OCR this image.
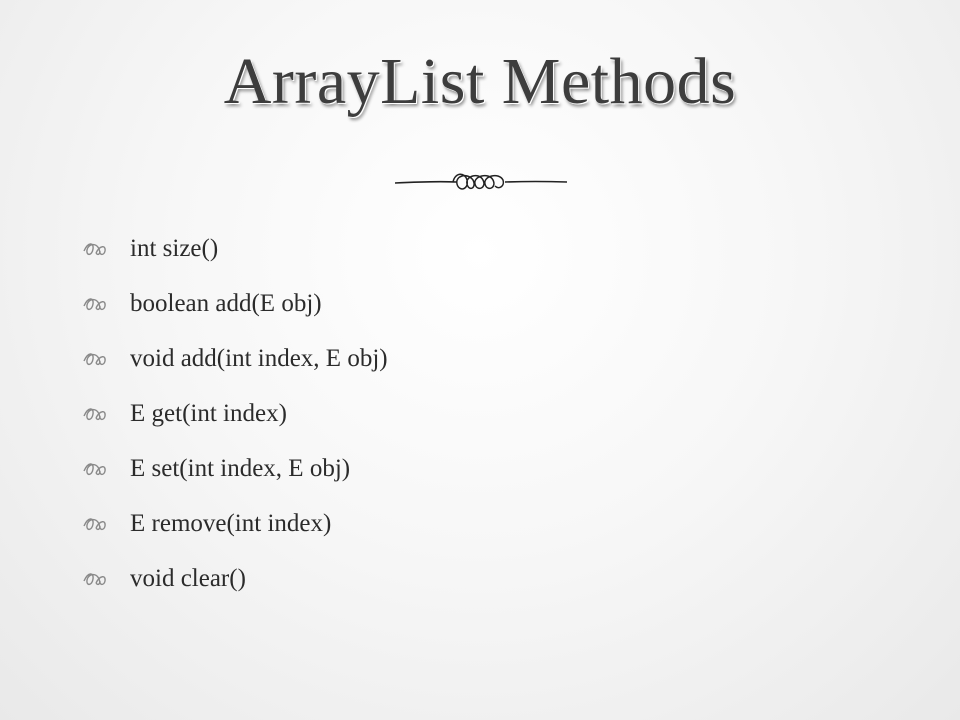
ArrayList Methods
int size()
boolean add(E obj)
void add(int index, E obj)
E get(int index)
E set(int index, E obj)
E remove(int index)
void clear()
